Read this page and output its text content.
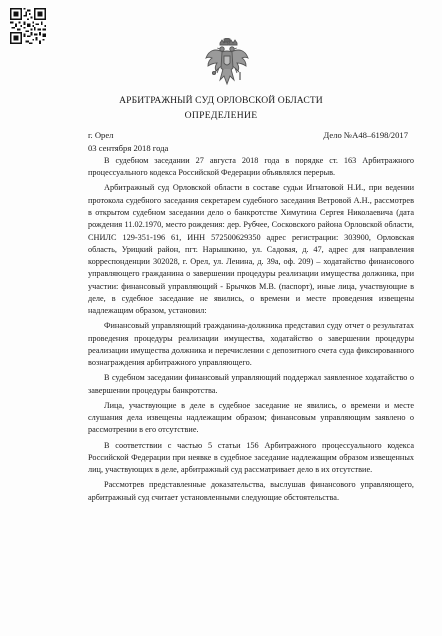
АРБИТРАЖНЫЙ СУД ОРЛОВСКОЙ ОБЛАСТИ
ОПРЕДЕЛЕНИЕ
г. Орел	Дело №А48–6198/2017
03 сентября 2018 года

В судебном заседании 27 августа 2018 года в порядке ст. 163 Арбитражного процессуального кодекса Российской Федерации объявлялся перерыв.

Арбитражный суд Орловской области в составе судьи Игнатовой Н.И., при ведении протокола судебного заседания секретарем судебного заседания Ветровой А.Н., рассмотрев в открытом судебном заседании дело о банкротстве Химутина Сергея Николаевича (дата рождения 11.02.1970, место рождения: дер. Рубчее, Сосковского района Орловской области, СНИЛС 129-351-196 61, ИНН 572500629350 адрес регистрации: 303900, Орловская область, Урицкий район, пгт. Нарышкино, ул. Садовая, д. 47, адрес для направления корреспонденции 302028, г. Орел, ул. Ленина, д. 39а, оф. 209) – ходатайство финансового управляющего гражданина о завершении процедуры реализации имущества должника, при участии: финансовый управляющий - Брычков М.В. (паспорт), иные лица, участвующие в деле, в судебное заседание не явились, о времени и месте проведения извещены надлежащим образом, установил:

Финансовый управляющий гражданина-должника представил суду отчет о результатах проведения процедуры реализации имущества, ходатайство о завершении процедуры реализации имущества должника и перечислении с депозитного счета суда фиксированного вознаграждения арбитражного управляющего.

В судебном заседании финансовый управляющий поддержал заявленное ходатайство о завершении процедуры банкротства.

Лица, участвующие в деле в судебное заседание не явились, о времени и месте слушания дела извещены надлежащим образом; финансовым управляющим заявлено о рассмотрении в его отсутствие.

В соответствии с частью 5 статьи 156 Арбитражного процессуального кодекса Российской Федерации при неявке в судебное заседание надлежащим образом извещенных лиц, участвующих в деле, арбитражный суд рассматривает дело в их отсутствие.

Рассмотрев представленные доказательства, выслушав финансового управляющего, арбитражный суд считает установленными следующие обстоятельства.
